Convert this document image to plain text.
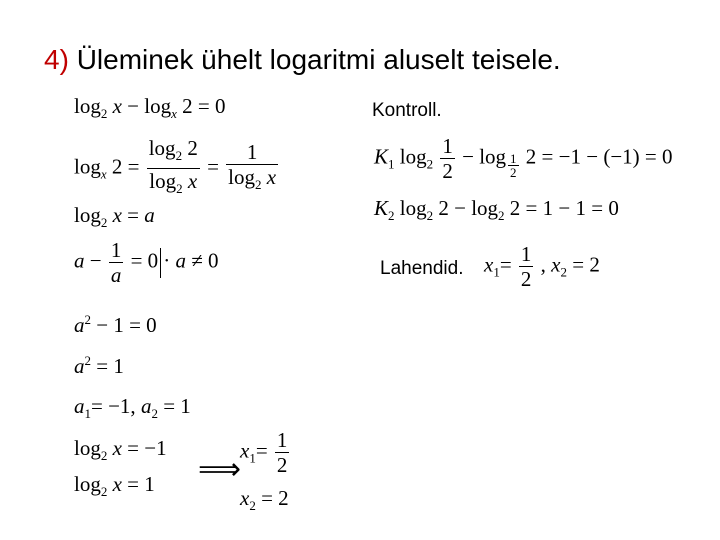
4) Üleminek ühelt logaritmi aluselt teisele.
$\log_2 x - \log_x 2 = 0$
$\log_x 2 = \frac{\log_2 2}{\log_2 x} = \frac{1}{\log_2 x}$
$\log_2 x = a$
$a - \frac{1}{a} = 0 \cdot a \ne 0$
$a^2 - 1 = 0$
$a^2 = 1$
$a_1= -1$, $a_2 = 1$
$\log_2 x = -1$
$\log_2 x = 1$ ⟹
$x_1= \frac{1}{2}$
$x_2 = 2$
Kontroll.
$K_1$ $\log_2 \frac{1}{2} - \log \frac{1}{2} 2 = -1 - (-1) = 0$
$K_2$ $\log_2 2 - \log_2 2 = 1 - 1 = 0$
Lahendid. $x_1= \frac{1}{2}$ , $x_2 = 2$
